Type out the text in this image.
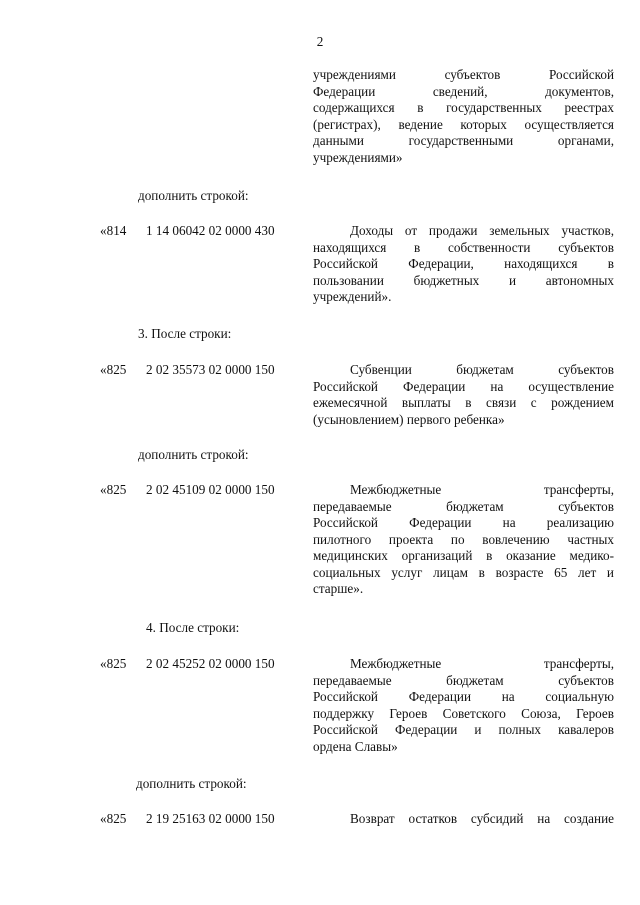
2
учреждениями субъектов Российской
Федерации сведений, документов,
содержащихся в государственных реестрах
(регистрах), ведение которых осуществляется
данными государственными органами,
учреждениями»
дополнить строкой:
«814 1 14 06042 02 0000 430	Доходы от продажи земельных участков,
находящихся в собственности субъектов
Российской Федерации, находящихся в
пользовании бюджетных и автономных
учреждений».
3. После строки:
«825 2 02 35573 02 0000 150	Субвенции бюджетам субъектов
Российской Федерации на осуществление
ежемесячной выплаты в связи с рождением
(усыновлением) первого ребенка»
дополнить строкой:
«825 2 02 45109 02 0000 150	Межбюджетные трансферты,
передаваемые бюджетам субъектов
Российской Федерации на реализацию
пилотного проекта по вовлечению частных
медицинских организаций в оказание медико-
социальных услуг лицам в возрасте 65 лет и
старше».
4. После строки:
«825 2 02 45252 02 0000 150	Межбюджетные трансферты,
передаваемые бюджетам субъектов
Российской Федерации на социальную
поддержку Героев Советского Союза, Героев
Российской Федерации и полных кавалеров
ордена Славы»
дополнить строкой:
«825 2 19 25163 02 0000 150	Возврат остатков субсидий на создание
